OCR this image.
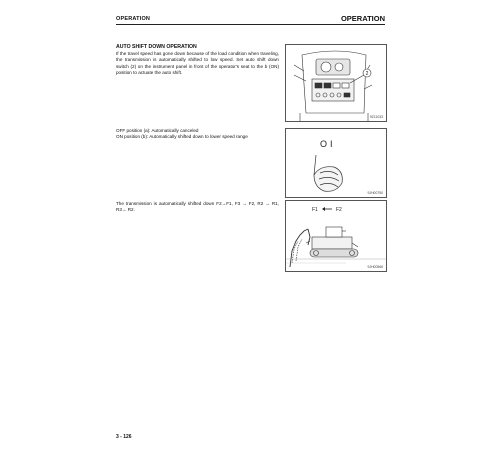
OPERATION	OPERATION
AUTO SHIFT DOWN OPERATION
If the travel speed has gone down because of the load condition when traveling, the transmission is automatically shifted to low speed. Set auto shift down switch (2) on the instrument panel in front of the operator's seat to the b (ON) position to actuate the auto shift.
OFF position (a): Automatically canceled
ON position (b): Automatically shifted down to lower speed range
The transmission is automatically shifted down F2→F1, F3 → F2, R2 → R1, R3→ R2.
2
9Z11033
O I
9JH00750
F1	F2
9JH00566
3 - 126
